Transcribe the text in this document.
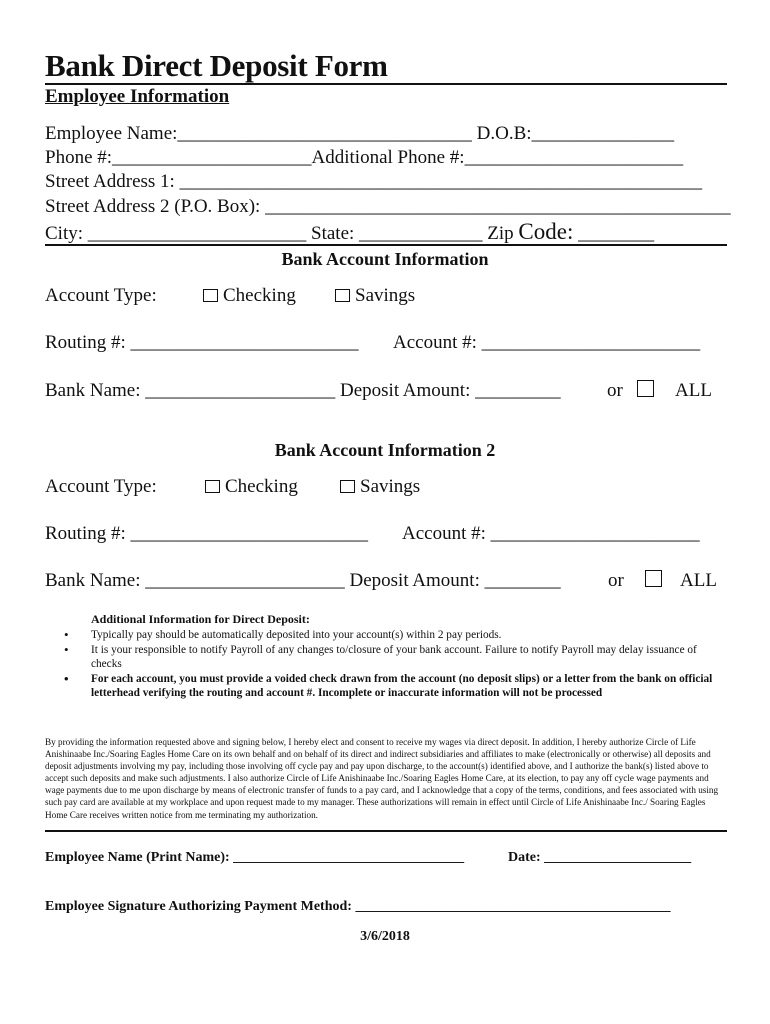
Bank Direct Deposit Form
Employee Information
Employee Name:_______________________________ D.O.B:_______________
Phone #:_____________________Additional Phone #:_______________________
Street Address 1: _______________________________________________________
Street Address 2 (P.O. Box): _________________________________________________
City: _______________________ State: _____________ Zip Code: ________
Bank Account Information
Account Type:	Checking	Savings
Routing #: ________________________ Account #: _______________________
Bank Name: ____________________ Deposit Amount: _________ or	ALL
Bank Account Information 2
Account Type:	Checking	Savings
Routing #: _________________________ Account #: ______________________
Bank Name: _____________________ Deposit Amount: ________ or	ALL
Additional Information for Direct Deposit:

• Typically pay should be automatically deposited into your account(s) within 2 pay periods.

• It is your responsible to notify Payroll of any changes to/closure of your bank account. Failure to notify Payroll may delay issuance of checks

• For each account, you must provide a voided check drawn from the account (no deposit slips) or a letter from the bank on official letterhead verifying the routing and account #. Incomplete or inaccurate information will not be processed

By providing the information requested above and signing below, I hereby elect and consent to receive my wages via direct deposit. In addition, I hereby authorize Circle of Life Anishinaabe Inc./Soaring Eagles Home Care on its own behalf and on behalf of its direct and indirect subsidiaries and affiliates to make (electronically or otherwise) all deposits and deposit adjustments involving my pay, including those involving off cycle pay and pay upon discharge, to the account(s) identified above, and I authorize the bank(s) listed above to accept such deposits and make such adjustments. I also authorize Circle of Life Anishinaabe Inc./Soaring Eagles Home Care, at its election, to pay any off cycle wage payments and wage payments due to me upon discharge by means of electronic transfer of funds to a pay card, and I acknowledge that a copy of the terms, conditions, and fees associated with using such pay card are available at my workplace and upon request made to my manager. These authorizations will remain in effect until Circle of Life Anishinaabe Inc./ Soaring Eagles Home Care receives written notice from me terminating my authorization.
Employee Name (Print Name): _________________________________	Date: _____________________
Employee Signature Authorizing Payment Method: _____________________________________________
3/6/2018
